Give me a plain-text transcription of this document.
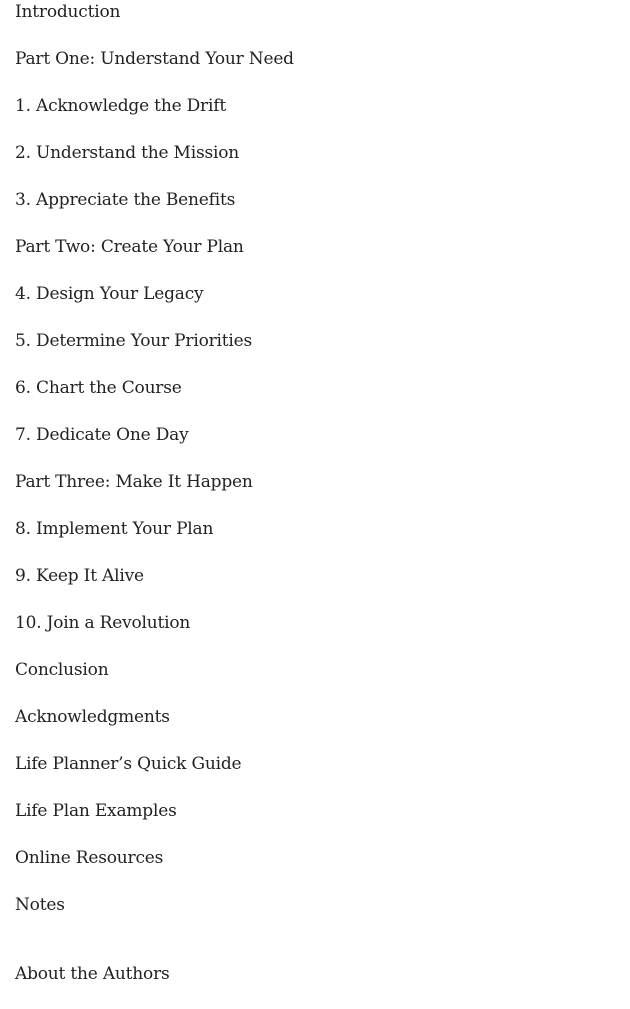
Introduction
Part One: Understand Your Need
1. Acknowledge the Drift
2. Understand the Mission
3. Appreciate the Benefits
Part Two: Create Your Plan
4. Design Your Legacy
5. Determine Your Priorities
6. Chart the Course
7. Dedicate One Day
Part Three: Make It Happen
8. Implement Your Plan
9. Keep It Alive
10. Join a Revolution
Conclusion
Acknowledgments
Life Planner’s Quick Guide
Life Plan Examples
Online Resources
Notes
About the Authors
